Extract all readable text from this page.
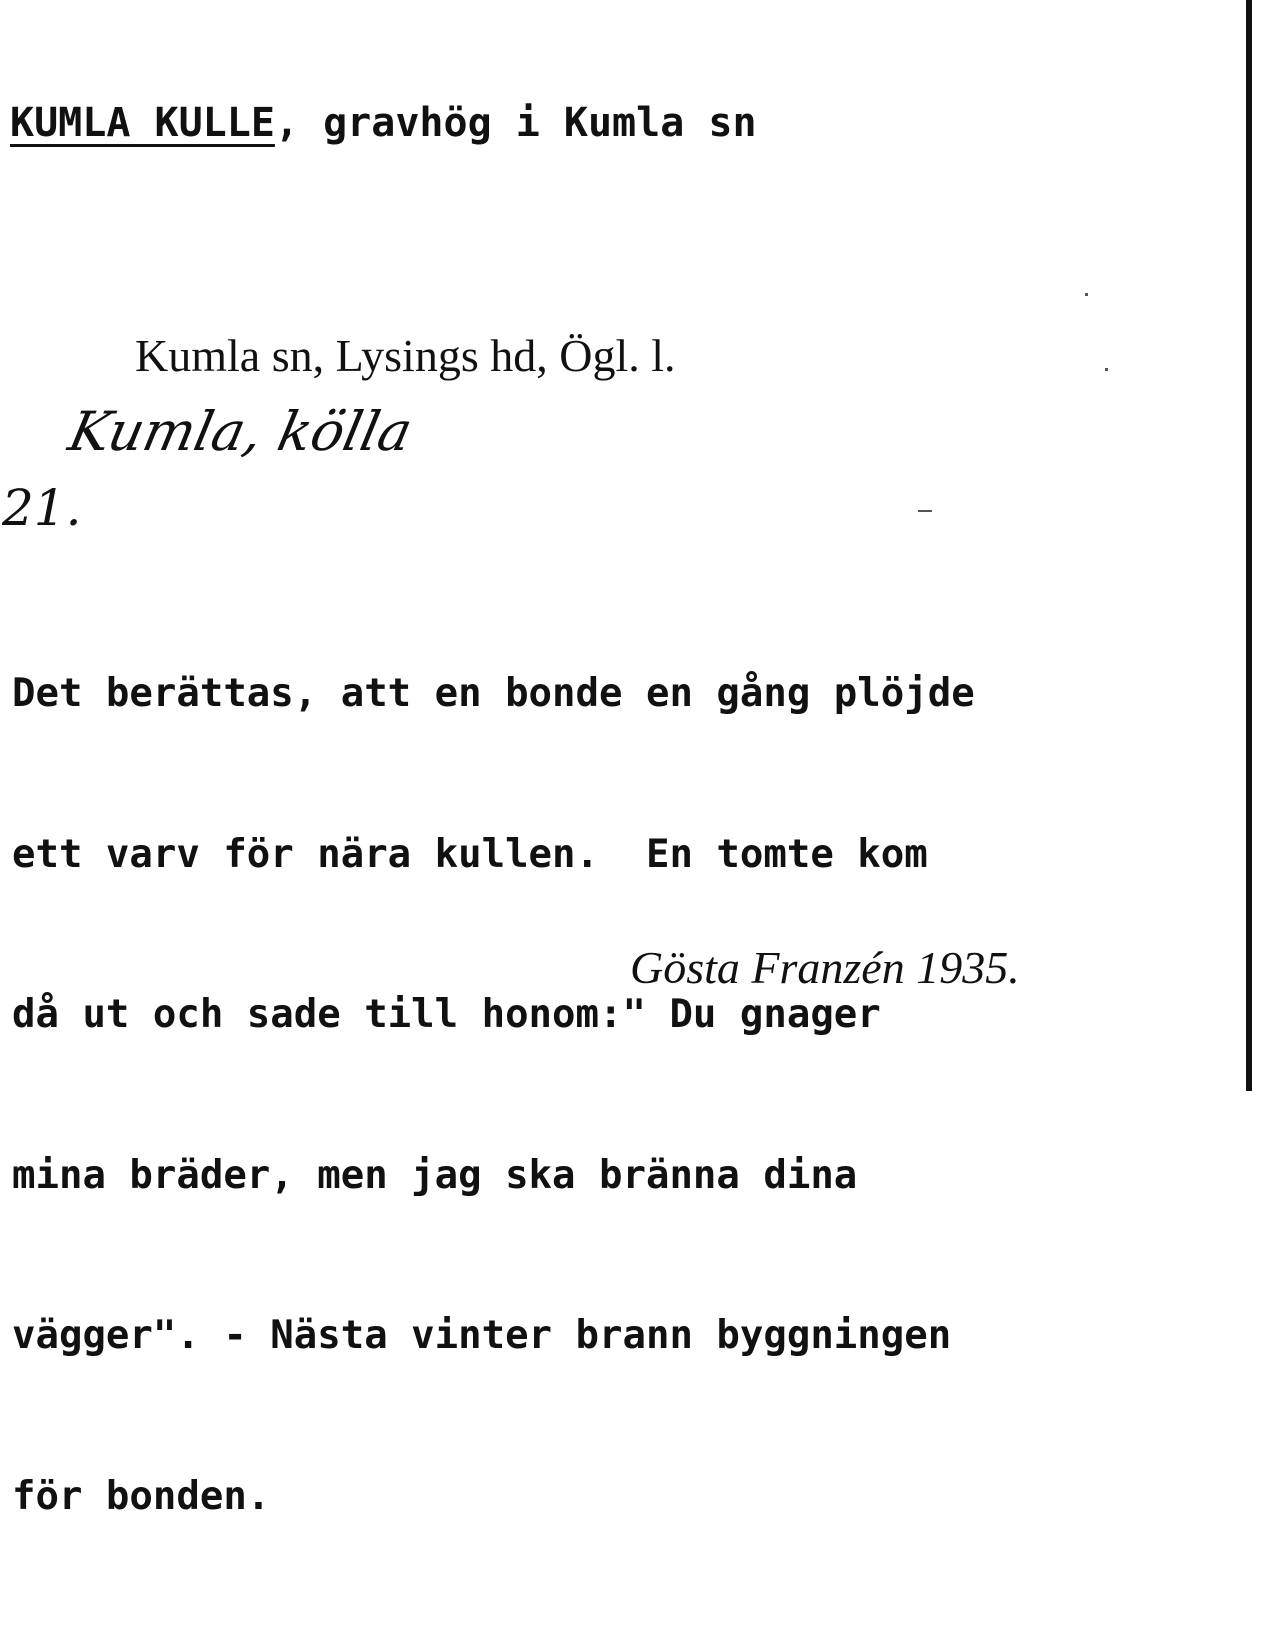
KUMLA KULLE, gravhög i Kumla sn
Kumla sn, Lysings hd, Ögl. l.
Kumla, kölla
21.

Det berättas, att en bonde en gång plöjde

ett varv för nära kullen.  En tomte kom

då ut och sade till honom:" Du gnager

mina bräder, men jag ska bränna dina

vägger". - Nästa vinter brann byggningen

för bonden.

Gösta Franzén 1935.
